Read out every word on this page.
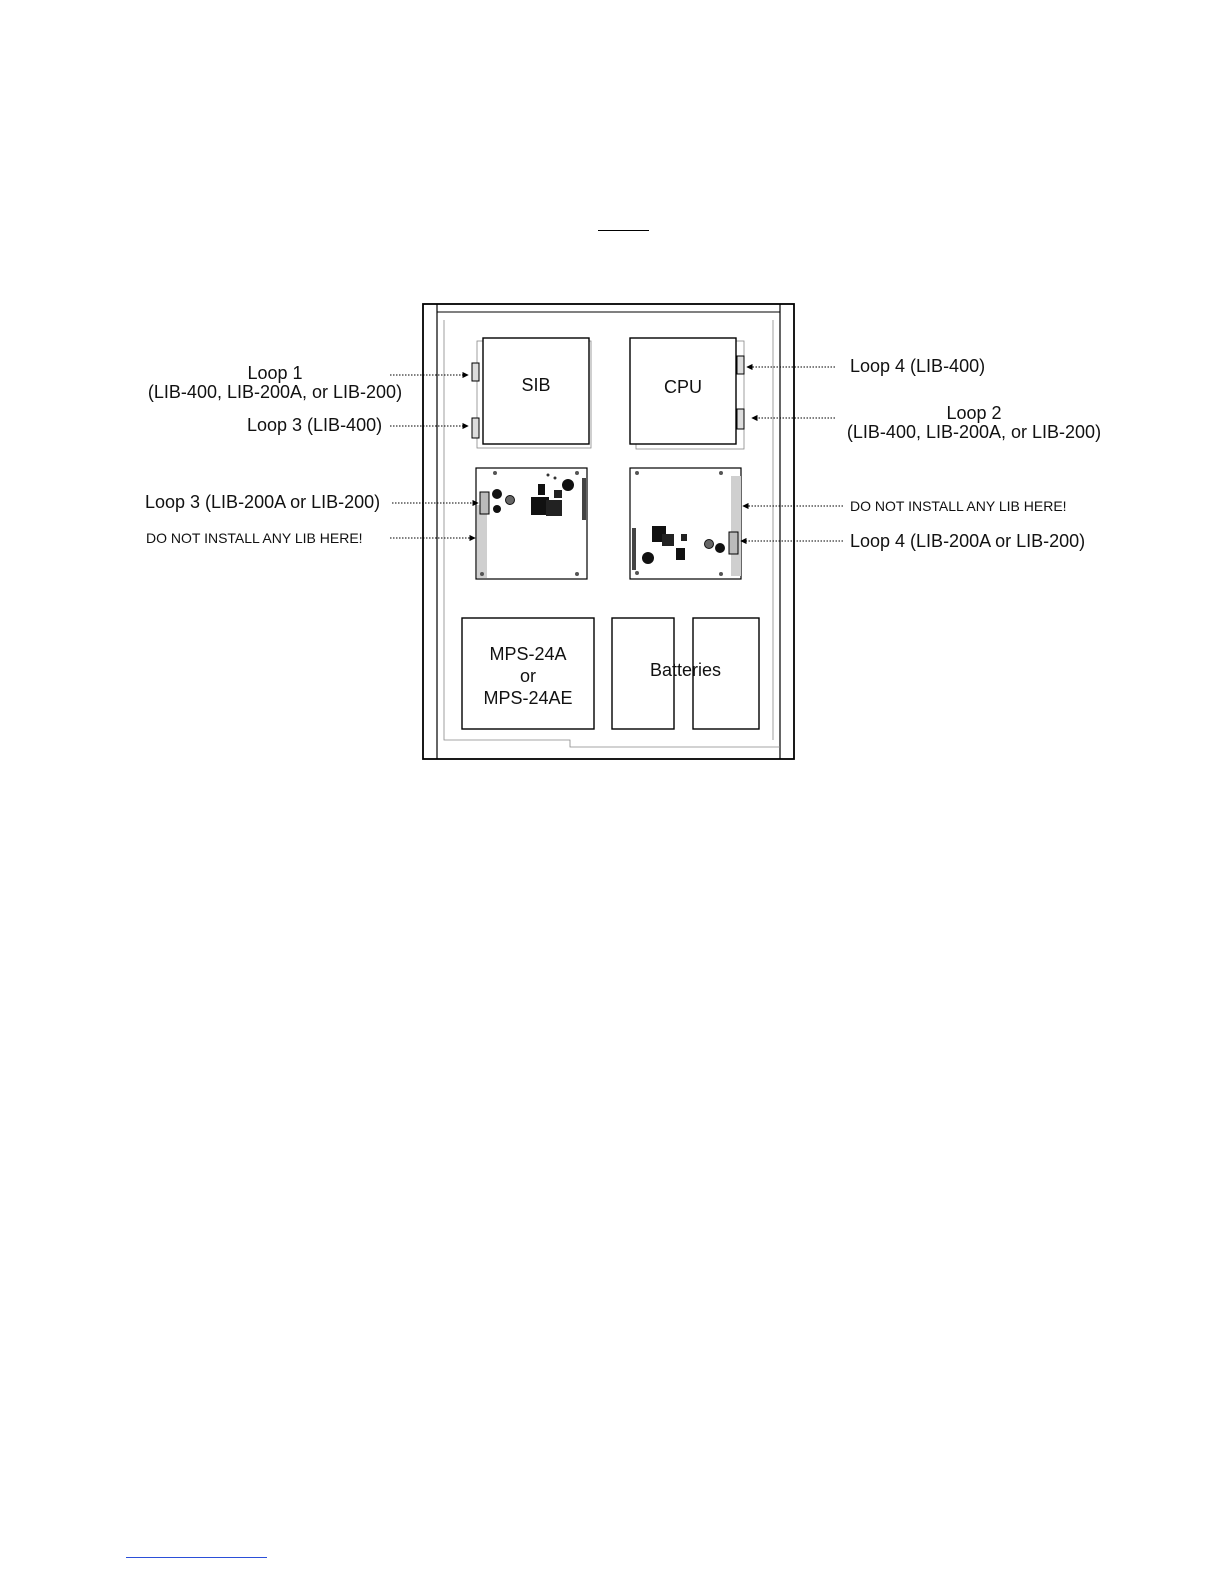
SIB	CPU
MPS-24A
or
MPS-24AE
Batteries
Loop 1
(LIB-400, LIB-200A, or LIB-200)
Loop 3 (LIB-400)
Loop 3 (LIB-200A or LIB-200)
DO NOT INSTALL ANY LIB HERE!
Loop 4 (LIB-400)
Loop 2
(LIB-400, LIB-200A, or LIB-200)
DO NOT INSTALL ANY LIB HERE!
Loop 4 (LIB-200A or LIB-200)
